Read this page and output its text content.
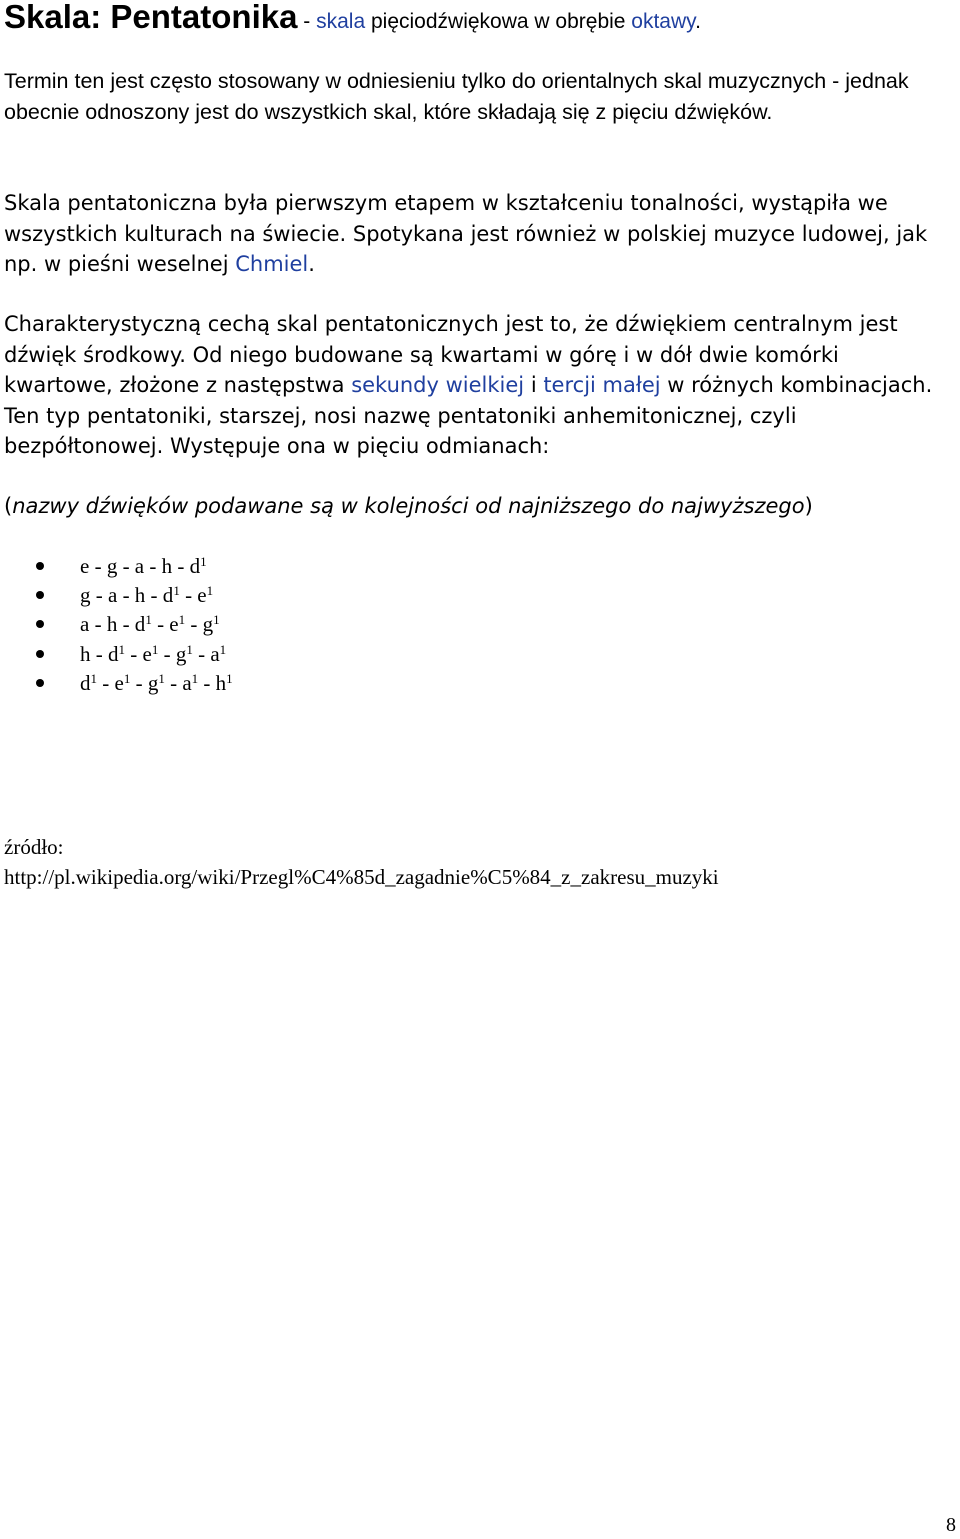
Skala: Pentatonika - skala pięciodźwiękowa w obrębie oktawy.

Termin ten jest często stosowany w odniesieniu tylko do orientalnych skal muzycznych - jednak obecnie odnoszony jest do wszystkich skal, które składają się z pięciu dźwięków.

Skala pentatoniczna była pierwszym etapem w kształceniu tonalności, wystąpiła we wszystkich kulturach na świecie. Spotykana jest również w polskiej muzyce ludowej, jak np. w pieśni weselnej Chmiel.

Charakterystyczną cechą skal pentatonicznych jest to, że dźwiękiem centralnym jest dźwięk środkowy. Od niego budowane są kwartami w górę i w dół dwie komórki kwartowe, złożone z następstwa sekundy wielkiej i tercji małej w różnych kombinacjach. Ten typ pentatoniki, starszej, nosi nazwę pentatoniki anhemitonicznej, czyli bezpółtonowej. Występuje ona w pięciu odmianach:

(nazwy dźwięków podawane są w kolejności od najniższego do najwyższego)

e - g - a - h - $d^1$
g - a - h - $d^1 - e^1$
a - h - $d^1 - e^1 - g^1$
h - $d^1 - e^1 - g^1 - a^1$
$d^1 - e^1 - g^1 - a^1 - h^1$
źródło:
http://pl.wikipedia.org/wiki/Przegl%C4%85d_zagadnie%C5%84_z_zakresu_muzyki
8
